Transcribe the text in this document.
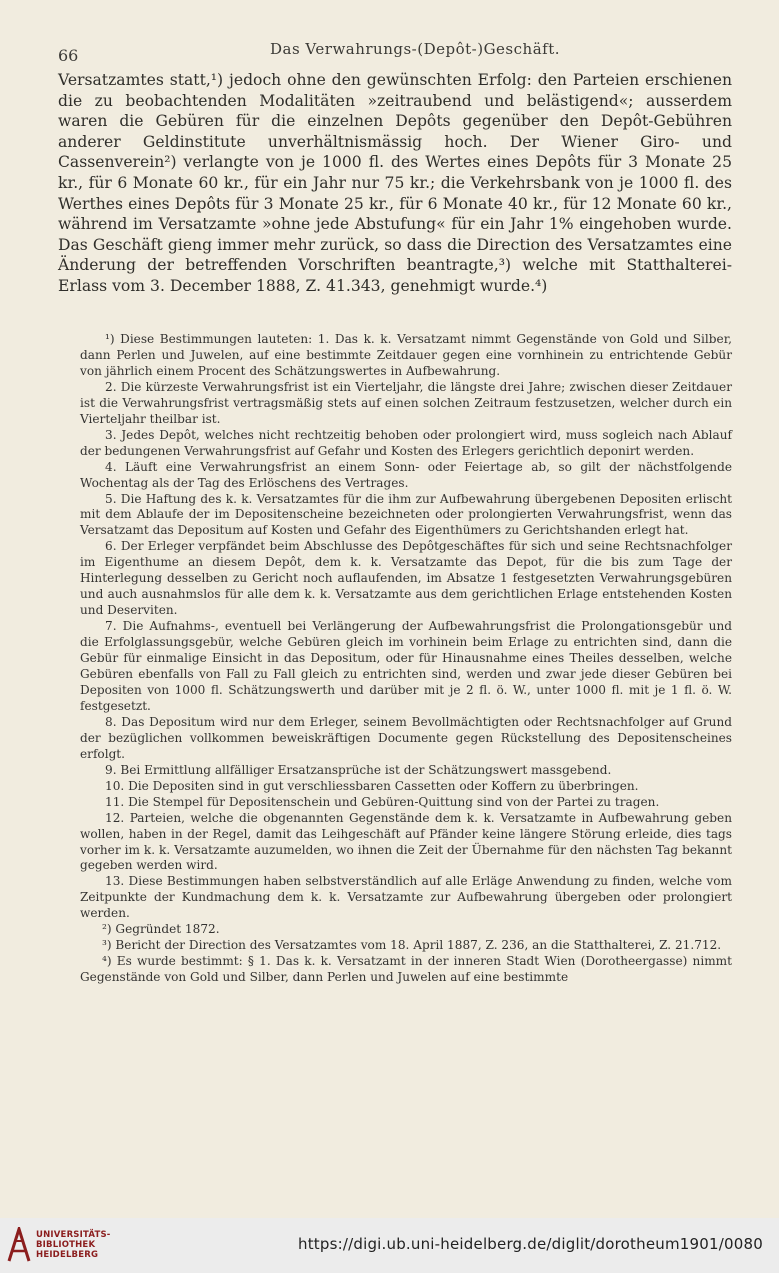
66	Das Verwahrungs-(Depôt-)Geschäft.

Versatzamtes statt,¹) jedoch ohne den gewünschten Erfolg: den Parteien erschienen die zu beobachtenden Modalitäten »zeitraubend und belästigend«; ausserdem waren die Gebüren für die einzelnen Depôts gegenüber den Depôt-Gebühren anderer Geldinstitute unverhältnismässig hoch. Der Wiener Giro- und Cassenverein²) verlangte von je 1000 fl. des Wertes eines Depôts für 3 Monate 25 kr., für 6 Monate 60 kr., für ein Jahr nur 75 kr.; die Verkehrsbank von je 1000 fl. des Werthes eines Depôts für 3 Monate 25 kr., für 6 Monate 40 kr., für 12 Monate 60 kr., während im Versatzamte »ohne jede Abstufung« für ein Jahr 1% eingehoben wurde. Das Geschäft gieng immer mehr zurück, so dass die Direction des Versatzamtes eine Änderung der betreffenden Vorschriften beantragte,³) welche mit Statthalterei-Erlass vom 3. December 1888, Z. 41.343, genehmigt wurde.⁴)

¹) Diese Bestimmungen lauteten: 1. Das k. k. Versatzamt nimmt Gegenstände von Gold und Silber, dann Perlen und Juwelen, auf eine bestimmte Zeitdauer gegen eine vornhinein zu entrichtende Gebür von jährlich einem Procent des Schätzungswertes in Aufbewahrung.

2. Die kürzeste Verwahrungsfrist ist ein Vierteljahr, die längste drei Jahre; zwischen dieser Zeitdauer ist die Verwahrungsfrist vertragsmäßig stets auf einen solchen Zeitraum festzusetzen, welcher durch ein Vierteljahr theilbar ist.

3. Jedes Depôt, welches nicht rechtzeitig behoben oder prolongiert wird, muss sogleich nach Ablauf der bedungenen Verwahrungsfrist auf Gefahr und Kosten des Erlegers gerichtlich deponirt werden.

4. Läuft eine Verwahrungsfrist an einem Sonn- oder Feiertage ab, so gilt der nächstfolgende Wochentag als der Tag des Erlöschens des Vertrages.

5. Die Haftung des k. k. Versatzamtes für die ihm zur Aufbewahrung übergebenen Depositen erlischt mit dem Ablaufe der im Depositenscheine bezeichneten oder prolongierten Verwahrungsfrist, wenn das Versatzamt das Depositum auf Kosten und Gefahr des Eigenthümers zu Gerichtshanden erlegt hat.

6. Der Erleger verpfändet beim Abschlusse des Depôtgeschäftes für sich und seine Rechtsnachfolger im Eigenthume an diesem Depôt, dem k. k. Versatzamte das Depot, für die bis zum Tage der Hinterlegung desselben zu Gericht noch auflaufenden, im Absatze 1 festgesetzten Verwahrungsgebüren und auch ausnahmslos für alle dem k. k. Versatzamte aus dem gerichtlichen Erlage entstehenden Kosten und Deserviten.

7. Die Aufnahms-, eventuell bei Verlängerung der Aufbewahrungsfrist die Prolongationsgebür und die Erfolglassungsgebür, welche Gebüren gleich im vorhinein beim Erlage zu entrichten sind, dann die Gebür für einmalige Einsicht in das Depositum, oder für Hinausnahme eines Theiles desselben, welche Gebüren ebenfalls von Fall zu Fall gleich zu entrichten sind, werden und zwar jede dieser Gebüren bei Depositen von 1000 fl. Schätzungswerth und darüber mit je 2 fl. ö. W., unter 1000 fl. mit je 1 fl. ö. W. festgesetzt.

8. Das Depositum wird nur dem Erleger, seinem Bevollmächtigten oder Rechtsnachfolger auf Grund der bezüglichen vollkommen beweiskräftigen Documente gegen Rückstellung des Depositenscheines erfolgt.

9. Bei Ermittlung allfälliger Ersatzansprüche ist der Schätzungswert massgebend.

10. Die Depositen sind in gut verschliessbaren Cassetten oder Koffern zu überbringen.

11. Die Stempel für Depositenschein und Gebüren-Quittung sind von der Partei zu tragen.

12. Parteien, welche die obgenannten Gegenstände dem k. k. Versatzamte in Aufbewahrung geben wollen, haben in der Regel, damit das Leihgeschäft auf Pfänder keine längere Störung erleide, dies tags vorher im k. k. Versatzamte auzumelden, wo ihnen die Zeit der Übernahme für den nächsten Tag bekannt gegeben werden wird.

13. Diese Bestimmungen haben selbstverständlich auf alle Erläge Anwendung zu finden, welche vom Zeitpunkte der Kundmachung dem k. k. Versatzamte zur Aufbewahrung übergeben oder prolongiert werden.

²) Gegründet 1872.

³) Bericht der Direction des Versatzamtes vom 18. April 1887, Z. 236, an die Statthalterei, Z. 21.712.

⁴) Es wurde bestimmt: § 1. Das k. k. Versatzamt in der inneren Stadt Wien (Dorotheergasse) nimmt Gegenstände von Gold und Silber, dann Perlen und Juwelen auf eine bestimmte

UNIVERSITÄTS-
BIBLIOTHEK
HEIDELBERG
https://digi.ub.uni-heidelberg.de/diglit/dorotheum1901/0080
